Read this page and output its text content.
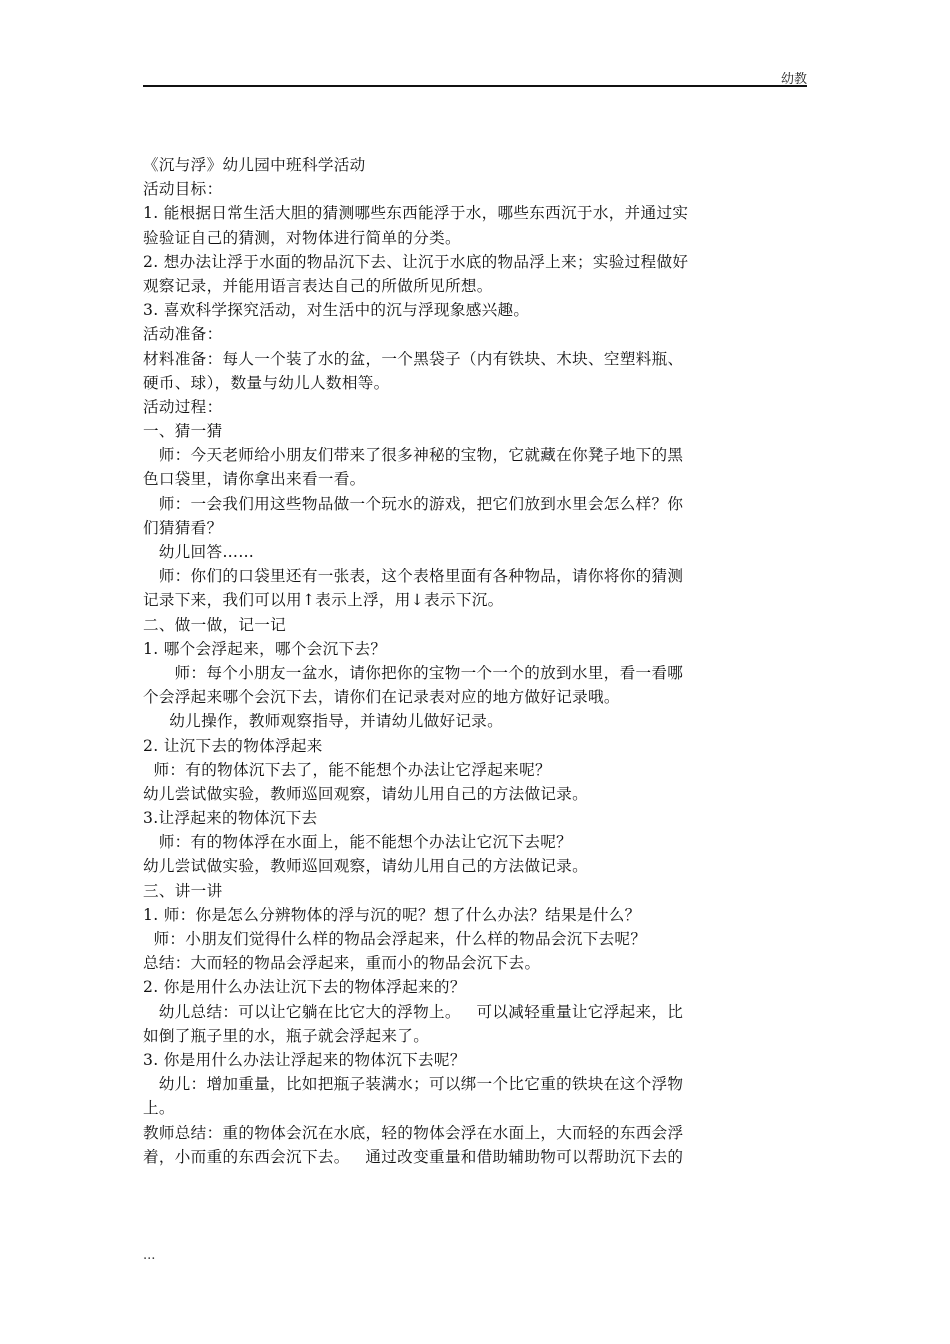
幼教
《沉与浮》幼儿园中班科学活动
活动目标：
1. 能根据日常生活大胆的猜测哪些东西能浮于水，哪些东西沉于水，并通过实
验验证自己的猜测，对物体进行简单的分类。
2. 想办法让浮于水面的物品沉下去、让沉于水底的物品浮上来；实验过程做好
观察记录，并能用语言表达自己的所做所见所想。
3. 喜欢科学探究活动，对生活中的沉与浮现象感兴趣。
活动准备：
材料准备：每人一个装了水的盆，一个黑袋子（内有铁块、木块、空塑料瓶、
硬币、球），数量与幼儿人数相等。
活动过程：
一、猜一猜
师：今天老师给小朋友们带来了很多神秘的宝物，它就藏在你凳子地下的黑
色口袋里，请你拿出来看一看。
师：一会我们用这些物品做一个玩水的游戏，把它们放到水里会怎么样？你
们猜猜看？
幼儿回答……
师：你们的口袋里还有一张表，这个表格里面有各种物品，请你将你的猜测
记录下来，我们可以用↑表示上浮，用↓表示下沉。
二、做一做，记一记
1. 哪个会浮起来，哪个会沉下去？
师：每个小朋友一盆水，请你把你的宝物一个一个的放到水里，看一看哪
个会浮起来哪个会沉下去，请你们在记录表对应的地方做好记录哦。
幼儿操作，教师观察指导，并请幼儿做好记录。
2. 让沉下去的物体浮起来
师：有的物体沉下去了，能不能想个办法让它浮起来呢？
幼儿尝试做实验，教师巡回观察，请幼儿用自己的方法做记录。
3.让浮起来的物体沉下去
师：有的物体浮在水面上，能不能想个办法让它沉下去呢？
幼儿尝试做实验，教师巡回观察，请幼儿用自己的方法做记录。
三、讲一讲
1. 师：你是怎么分辨物体的浮与沉的呢？想了什么办法？结果是什么？
师：小朋友们觉得什么样的物品会浮起来，什么样的物品会沉下去呢？
总结：大而轻的物品会浮起来，重而小的物品会沉下去。
2. 你是用什么办法让沉下去的物体浮起来的？
幼儿总结：可以让它躺在比它大的浮物上。   可以减轻重量让它浮起来，比
如倒了瓶子里的水，瓶子就会浮起来了。
3. 你是用什么办法让浮起来的物体沉下去呢？
幼儿：增加重量，比如把瓶子装满水；可以绑一个比它重的铁块在这个浮物
上。
教师总结：重的物体会沉在水底，轻的物体会浮在水面上，大而轻的东西会浮
着，小而重的东西会沉下去。   通过改变重量和借助辅助物可以帮助沉下去的
...
